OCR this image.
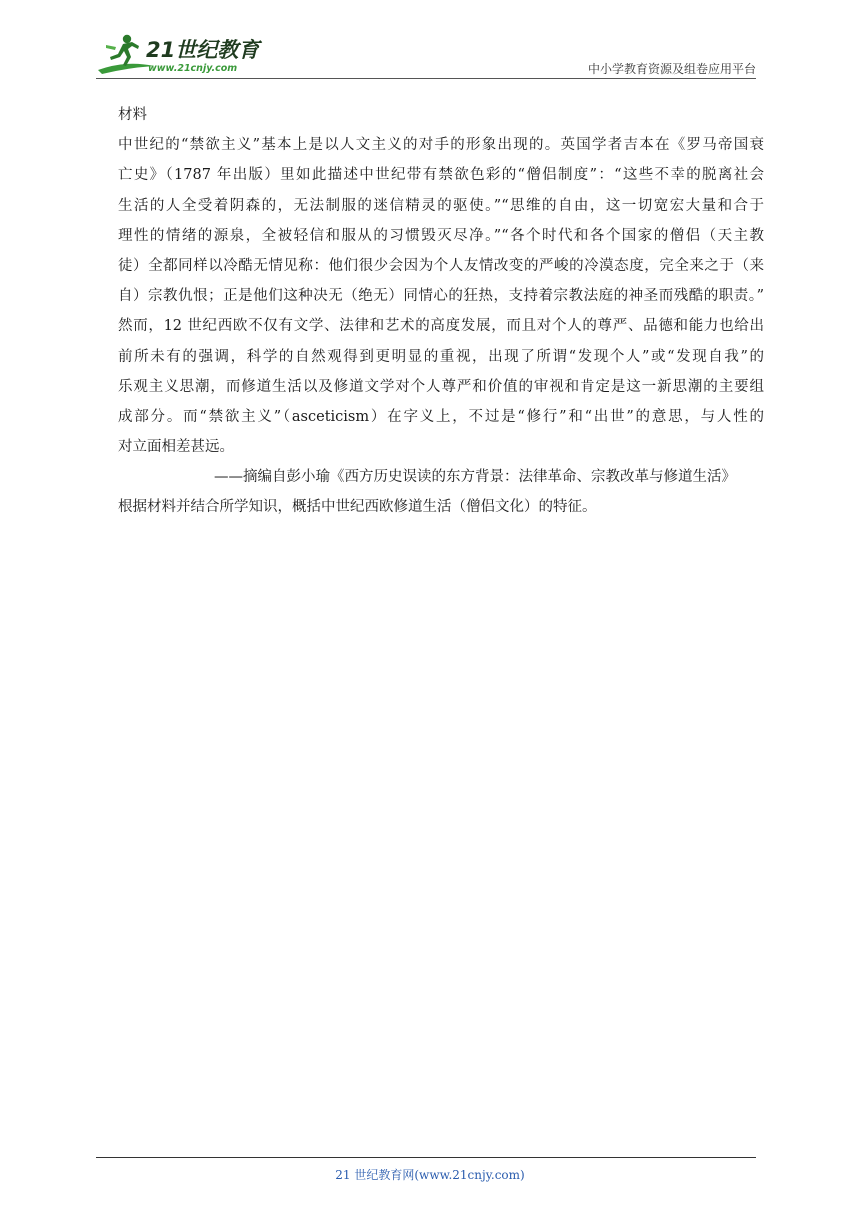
21世纪教育
www.21cnjy.com	中小学教育资源及组卷应用平台
材料
中世纪的“禁欲主义”基本上是以人文主义的对手的形象出现的。英国学者吉本在《罗马帝国衰
亡史》（1787 年出版）里如此描述中世纪带有禁欲色彩的“僧侣制度”：“这些不幸的脱离社会
生活的人全受着阴森的，无法制服的迷信精灵的驱使。”“思维的自由，这一切宽宏大量和合于
理性的情绪的源泉，全被轻信和服从的习惯毁灭尽净。”“各个时代和各个国家的僧侣（天主教
徒）全都同样以冷酷无情见称：他们很少会因为个人友情改变的严峻的冷漠态度，完全来之于（来
自）宗教仇恨；正是他们这种决无（绝无）同情心的狂热，支持着宗教法庭的神圣而残酷的职责。”
然而，12 世纪西欧不仅有文学、法律和艺术的高度发展，而且对个人的尊严、品德和能力也给出
前所未有的强调，科学的自然观得到更明显的重视，出现了所谓“发现个人”或“发现自我”的
乐观主义思潮，而修道生活以及修道文学对个人尊严和价值的审视和肯定是这一新思潮的主要组
成部分。而“禁欲主义”（asceticism）在字义上，不过是“修行”和“出世”的意思，与人性的
对立面相差甚远。
——摘编自彭小瑜《西方历史误读的东方背景：法律革命、宗教改革与修道生活》
根据材料并结合所学知识，概括中世纪西欧修道生活（僧侣文化）的特征。
21 世纪教育网(www.21cnjy.com)
